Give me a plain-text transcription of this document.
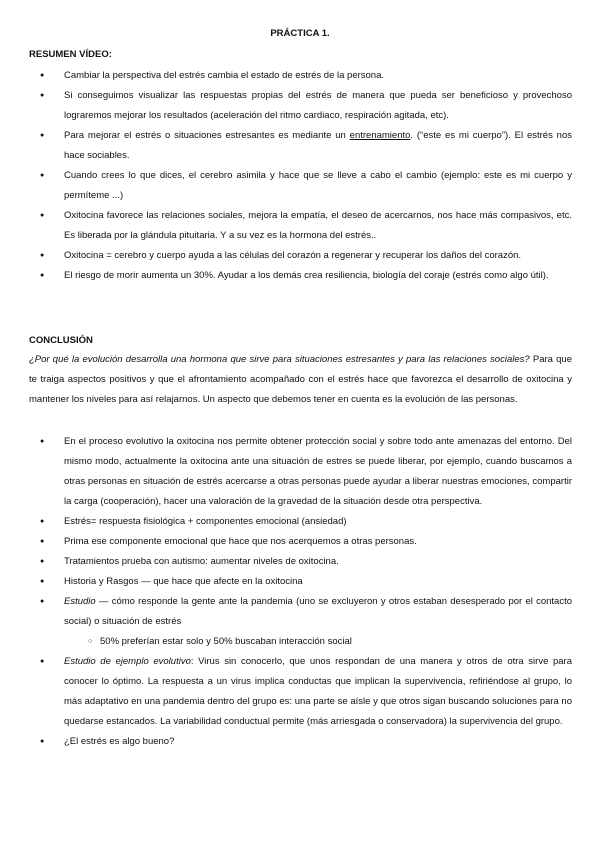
PRÁCTICA 1.
RESUMEN VÍDEO:
● Cambiar la perspectiva del estrés cambia el estado de estrés de la persona.
● Si conseguimos visualizar las respuestas propias del estrés de manera que pueda ser beneficioso y provechoso lograremos mejorar los resultados (aceleración del ritmo cardiaco, respiración agitada, etc).
● Para mejorar el estrés o situaciones estresantes es mediante un entrenamiento. (“este es mi cuerpo”). El estrés nos hace sociables.
● Cuando crees lo que dices, el cerebro asimila y hace que se lleve a cabo el cambio (ejemplo: este es mi cuerpo y permíteme ...)
● Oxitocina favorece las relaciones sociales, mejora la empatía, el deseo de acercarnos, nos hace más compasivos, etc. Es liberada por la glándula pituitaria. Y a su vez es la hormona del estrés..
● Oxitocina = cerebro y cuerpo ayuda a las células del corazón a regenerar y recuperar los daños del corazón.
● El riesgo de morir aumenta un 30%. Ayudar a los demás crea resiliencia, biología del coraje (estrés como algo útil).
CONCLUSIÓN
¿Por qué la evolución desarrolla una hormona que sirve para situaciones estresantes y para las relaciones sociales? Para que te traiga aspectos positivos y que el afrontamiento acompañado con el estrés hace que favorezca el desarrollo de oxitocina y mantener los niveles para así relajarnos. Un aspecto que debemos tener en cuenta es la evolución de las personas.
● En el proceso evolutivo la oxitocina nos permite obtener protección social y sobre todo ante amenazas del entorno. Del mismo modo, actualmente la oxitocina ante una situación de estres se puede liberar, por ejemplo, cuando buscamos a otras personas en situación de estrés acercarse a otras personas puede ayudar a liberar nuestras emociones, compartir la carga (cooperación), hacer una valoración de la gravedad de la situación desde otra perspectiva.
● Estrés= respuesta fisiológica + componentes emocional (ansiedad)
● Prima ese componente emocional que hace que nos acerquemos a otras personas.
● Tratamientos prueba con autismo: aumentar niveles de oxitocina.
● Historia y Rasgos — que hace que afecte en la oxitocina
● Estudio — cómo responde la gente ante la pandemia (uno se excluyeron y otros estaban desesperado por el contacto social) o situación de estrés
○ 50% preferían estar solo y 50% buscaban interacción social
● Estudio de ejemplo evolutivo: Virus sin conocerlo, que unos respondan de una manera y otros de otra sirve para conocer lo óptimo. La respuesta a un virus implica conductas que implican la supervivencia, refiriéndose al grupo, lo más adaptativo en una pandemia dentro del grupo es: una parte se aísle y que otros sigan buscando soluciones para no quedarse estancados. La variabilidad conductual permite (más arriesgada o conservadora) la supervivencia del grupo.
● ¿El estrés es algo bueno?
